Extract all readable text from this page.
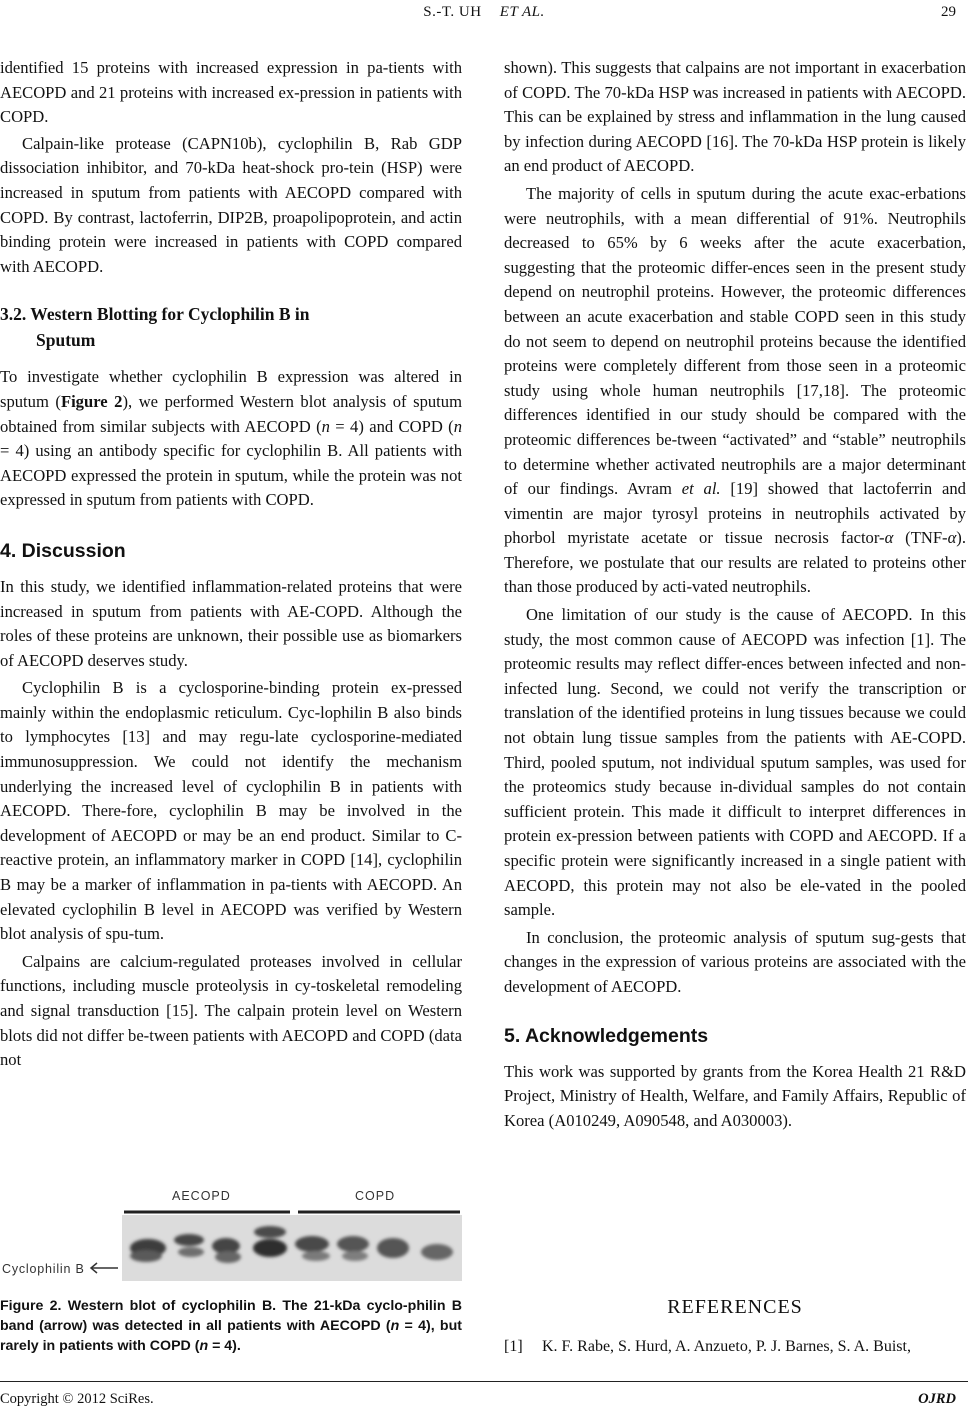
S.-T. UH ET AL.	29

identified 15 proteins with increased expression in pa-tients with AECOPD and 21 proteins with increased ex-pression in patients with COPD.

Calpain-like protease (CAPN10b), cyclophilin B, Rab GDP dissociation inhibitor, and 70-kDa heat-shock pro-tein (HSP) were increased in sputum from patients with AECOPD compared with COPD. By contrast, lactoferrin, DIP2B, proapolipoprotein, and actin binding protein were increased in patients with COPD compared with AECOPD.

3.2. Western Blotting for Cyclophilin B in
Sputum

To investigate whether cyclophilin B expression was altered in sputum (Figure 2), we performed Western blot analysis of sputum obtained from similar subjects with AECOPD (n = 4) and COPD (n = 4) using an antibody specific for cyclophilin B. All patients with AECOPD expressed the protein in sputum, while the protein was not expressed in sputum from patients with COPD.

4. Discussion

In this study, we identified inflammation-related proteins that were increased in sputum from patients with AE-COPD. Although the roles of these proteins are unknown, their possible use as biomarkers of AECOPD deserves study.

Cyclophilin B is a cyclosporine-binding protein ex-pressed mainly within the endoplasmic reticulum. Cyc-lophilin B also binds to lymphocytes [13] and may regu-late cyclosporine-mediated immunosuppression. We could not identify the mechanism underlying the increased level of cyclophilin B in patients with AECOPD. There-fore, cyclophilin B may be involved in the development of AECOPD or may be an end product. Similar to C-reactive protein, an inflammatory marker in COPD [14], cyclophilin B may be a marker of inflammation in pa-tients with AECOPD. An elevated cyclophilin B level in AECOPD was verified by Western blot analysis of spu-tum.

Calpains are calcium-regulated proteases involved in cellular functions, including muscle proteolysis in cy-toskeletal remodeling and signal transduction [15]. The calpain protein level on Western blots did not differ be-tween patients with AECOPD and COPD (data not

AECOPD	COPD
Cyclophilin B
Figure 2. Western blot of cyclophilin B. The 21-kDa cyclo-philin B band (arrow) was detected in all patients with AECOPD (n = 4), but rarely in patients with COPD (n = 4).

shown). This suggests that calpains are not important in exacerbation of COPD. The 70-kDa HSP was increased in patients with AECOPD. This can be explained by stress and inflammation in the lung caused by infection during AECOPD [16]. The 70-kDa HSP protein is likely an end product of AECOPD.

The majority of cells in sputum during the acute exac-erbations were neutrophils, with a mean differential of 91%. Neutrophils decreased to 65% by 6 weeks after the acute exacerbation, suggesting that the proteomic differ-ences seen in the present study depend on neutrophil proteins. However, the proteomic differences between an acute exacerbation and stable COPD seen in this study do not seem to depend on neutrophil proteins because the identified proteins were completely different from those seen in a proteomic study using whole human neutrophils [17,18]. The proteomic differences identified in our study should be compared with the proteomic differences be-tween “activated” and “stable” neutrophils to determine whether activated neutrophils are a major determinant of our findings. Avram et al. [19] showed that lactoferrin and vimentin are major tyrosyl proteins in neutrophils activated by phorbol myristate acetate or tissue necrosis factor-α (TNF-α). Therefore, we postulate that our results are related to proteins other than those produced by acti-vated neutrophils.

One limitation of our study is the cause of AECOPD. In this study, the most common cause of AECOPD was infection [1]. The proteomic results may reflect differ-ences between infected and non-infected lung. Second, we could not verify the transcription or translation of the identified proteins in lung tissues because we could not obtain lung tissue samples from the patients with AE-COPD. Third, pooled sputum, not individual sputum samples, was used for the proteomics study because in-dividual samples do not contain sufficient protein. This made it difficult to interpret differences in protein ex-pression between patients with COPD and AECOPD. If a specific protein were significantly increased in a single patient with AECOPD, this protein may not also be ele-vated in the pooled sample.

In conclusion, the proteomic analysis of sputum sug-gests that changes in the expression of various proteins are associated with the development of AECOPD.

5. Acknowledgements

This work was supported by grants from the Korea Health 21 R&D Project, Ministry of Health, Welfare, and Family Affairs, Republic of Korea (A010249, A090548, and A030003).

REFERENCES
[1] K. F. Rabe, S. Hurd, A. Anzueto, P. J. Barnes, S. A. Buist,
Copyright © 2012 SciRes.	OJRD
